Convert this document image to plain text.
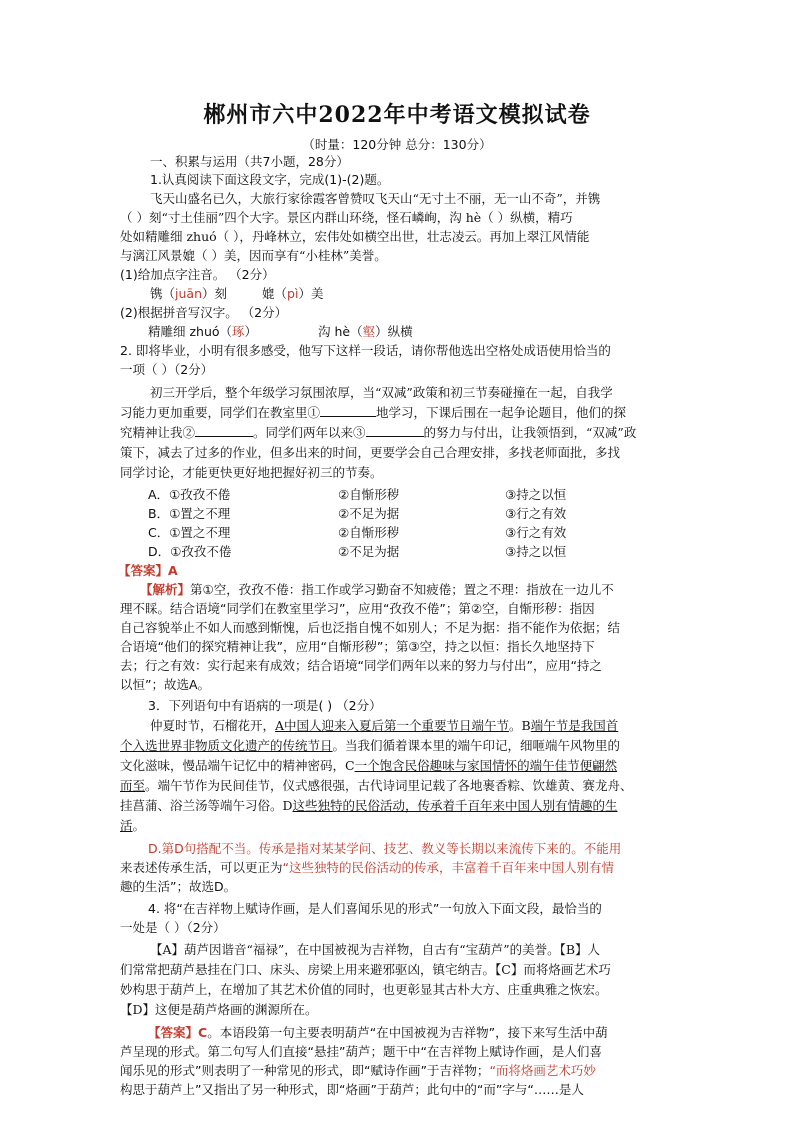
郴州市六中2022年中考语文模拟试卷
（时量：120分钟 总分：130分）
一、积累与运用（共7小题，28分）
1.认真阅读下面这段文字，完成(1)-(2)题。
飞天山盛名已久，大旅行家徐霞客曾赞叹飞天山“无寸土不丽，无一山不奇”，并镌
（ ）刻“寸土佳丽”四个大字。景区内群山环绕，怪石嶙峋，沟 hè（ ）纵横，精巧
处如精雕细 zhuó（ ），丹峰林立，宏伟处如横空出世，壮志凌云。再加上翠江风情能
与漓江风景媲（ ）美，因而享有“小桂林”美誉。
(1)给加点字注音。 （2分）
镌（juān）刻	媲（pì）美
(2)根据拼音写汉字。 （2分）
精雕细 zhuó（琢）	沟 hè（壑）纵横
2. 即将毕业，小明有很多感受，他写下这样一段话，请你帮他选出空格处成语使用恰当的
一项（ ）（2分）
初三开学后，整个年级学习氛围浓厚，当“双减”政策和初三节奏碰撞在一起，自我学
习能力更加重要，同学们在教室里①	地学习，下课后围在一起争论题目，他们的探
究精神让我②	。同学们两年以来③	的努力与付出，让我领悟到，“双减”政
策下，减去了过多的作业，但多出来的时间，更要学会自己合理安排，多找老师面批，多找
同学讨论，才能更快更好地把握好初三的节奏。
A．①孜孜不倦	②自惭形秽	③持之以恒
B．①置之不理	②不足为据	③行之有效
C．①置之不理	②自惭形秽	③行之有效
D．①孜孜不倦	②不足为据	③持之以恒
【答案】A
【解析】第①空，孜孜不倦：指工作或学习勤奋不知疲倦；置之不理：指放在一边儿不
理不睬。结合语境“同学们在教室里学习”，应用“孜孜不倦”；第②空，自惭形秽：指因
自己容貌举止不如人而感到惭愧，后也泛指自愧不如别人；不足为据：指不能作为依据；结
合语境“他们的探究精神让我”，应用“自惭形秽”；第③空，持之以恒：指长久地坚持下
去；行之有效：实行起来有成效；结合语境“同学们两年以来的努力与付出”，应用“持之
以恒”；故选A。
3．下列语句中有语病的一项是( ) （2分）
仲夏时节，石榴花开，A中国人迎来入夏后第一个重要节日端午节。B端午节是我国首
个入选世界非物质文化遗产的传统节日。当我们循着课本里的端午印记，细咂端午风物里的
文化滋味，慢品端午记忆中的精神密码，C一个饱含民俗趣味与家国情怀的端午佳节便翩然
而至。端午节作为民间佳节，仪式感很强，古代诗词里记载了各地裹香粽、饮雄黄、赛龙舟、
挂菖蒲、浴兰汤等端午习俗。D这些独特的民俗活动，传承着千百年来中国人别有情趣的生
活。
D.第D句搭配不当。传承是指对某某学问、技艺、教义等长期以来流传下来的。不能用
来表述传承生活，可以更正为“这些独特的民俗活动的传承，丰富着千百年来中国人别有情
趣的生活”；故选D。
4. 将“在吉祥物上赋诗作画，是人们喜闻乐见的形式”一句放入下面文段，最恰当的
一处是（ ）（2分）
【A】葫芦因谐音“福禄”，在中国被视为吉祥物，自古有“宝葫芦”的美誉。【B】人
们常常把葫芦悬挂在门口、床头、房梁上用来避邪驱凶，镇宅纳吉。【C】而将烙画艺术巧
妙构思于葫芦上，在增加了其艺术价值的同时，也更彰显其古朴大方、庄重典雅之恢宏。
【D】这便是葫芦烙画的渊源所在。
【答案】C。本语段第一句主要表明葫芦“在中国被视为吉祥物”，接下来写生活中葫
芦呈现的形式。第二句写人们直接“悬挂”葫芦；题干中“在吉祥物上赋诗作画，是人们喜
闻乐见的形式”则表明了一种常见的形式，即“赋诗作画”于吉祥物；“而将烙画艺术巧妙
构思于葫芦上”又指出了另一种形式，即“烙画”于葫芦；此句中的“而”字与“……是人
